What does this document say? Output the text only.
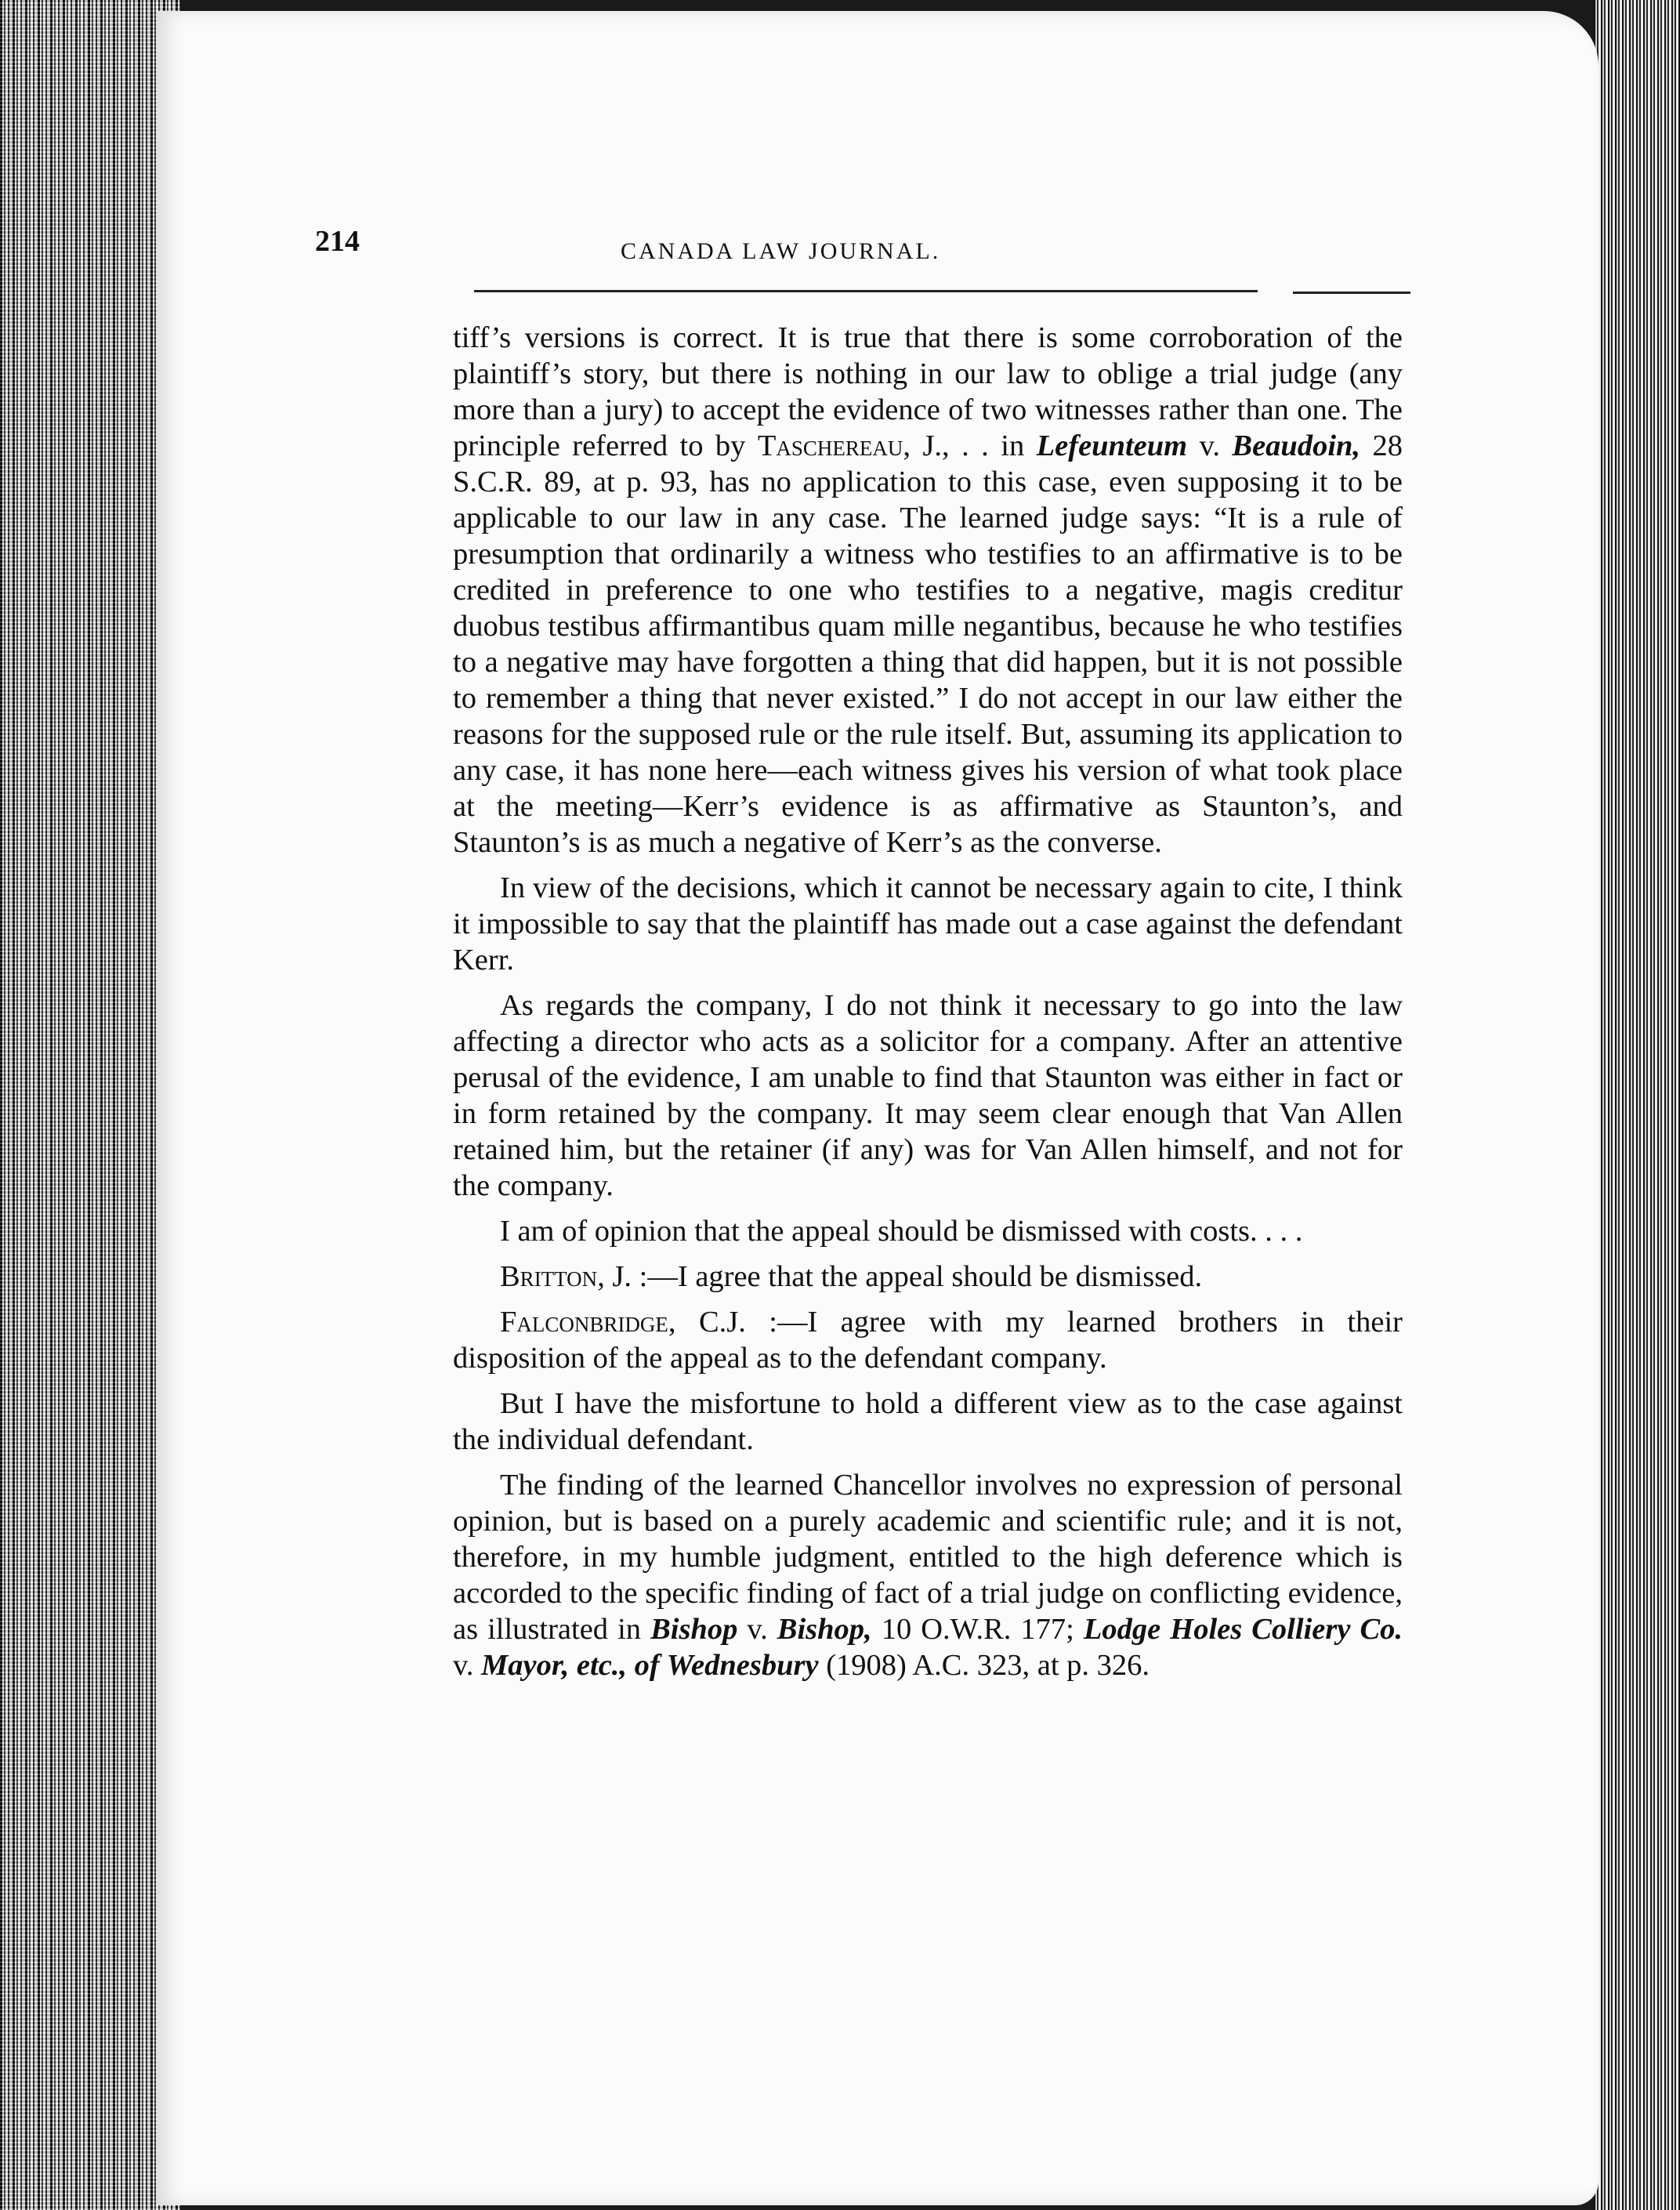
214	CANADA LAW JOURNAL.

tiff’s versions is correct. It is true that there is some corroboration of the plaintiff’s story, but there is nothing in our law to oblige a trial judge (any more than a jury) to accept the evidence of two witnesses rather than one. The principle referred to by Taschereau, J., . . in Lefeunteum v. Beaudoin, 28 S.C.R. 89, at p. 93, has no application to this case, even supposing it to be applicable to our law in any case. The learned judge says: “It is a rule of presumption that ordinarily a witness who testifies to an affirmative is to be credited in preference to one who testifies to a negative, magis creditur duobus testibus affirmantibus quam mille negantibus, because he who testifies to a negative may have forgotten a thing that did happen, but it is not possible to remember a thing that never existed.” I do not accept in our law either the reasons for the supposed rule or the rule itself. But, assuming its application to any case, it has none here—each witness gives his version of what took place at the meeting—Kerr’s evidence is as affirmative as Staunton’s, and Staunton’s is as much a negative of Kerr’s as the converse.

In view of the decisions, which it cannot be necessary again to cite, I think it impossible to say that the plaintiff has made out a case against the defendant Kerr.

As regards the company, I do not think it necessary to go into the law affecting a director who acts as a solicitor for a company. After an attentive perusal of the evidence, I am unable to find that Staunton was either in fact or in form retained by the company. It may seem clear enough that Van Allen retained him, but the retainer (if any) was for Van Allen himself, and not for the company.

I am of opinion that the appeal should be dismissed with costs. . . .

Britton, J. :—I agree that the appeal should be dismissed.

Falconbridge, C.J. :—I agree with my learned brothers in their disposition of the appeal as to the defendant company.

But I have the misfortune to hold a different view as to the case against the individual defendant.

The finding of the learned Chancellor involves no expression of personal opinion, but is based on a purely academic and scientific rule; and it is not, therefore, in my humble judgment, entitled to the high deference which is accorded to the specific finding of fact of a trial judge on conflicting evidence, as illustrated in Bishop v. Bishop, 10 O.W.R. 177; Lodge Holes Colliery Co. v. Mayor, etc., of Wednesbury (1908) A.C. 323, at p. 326.
